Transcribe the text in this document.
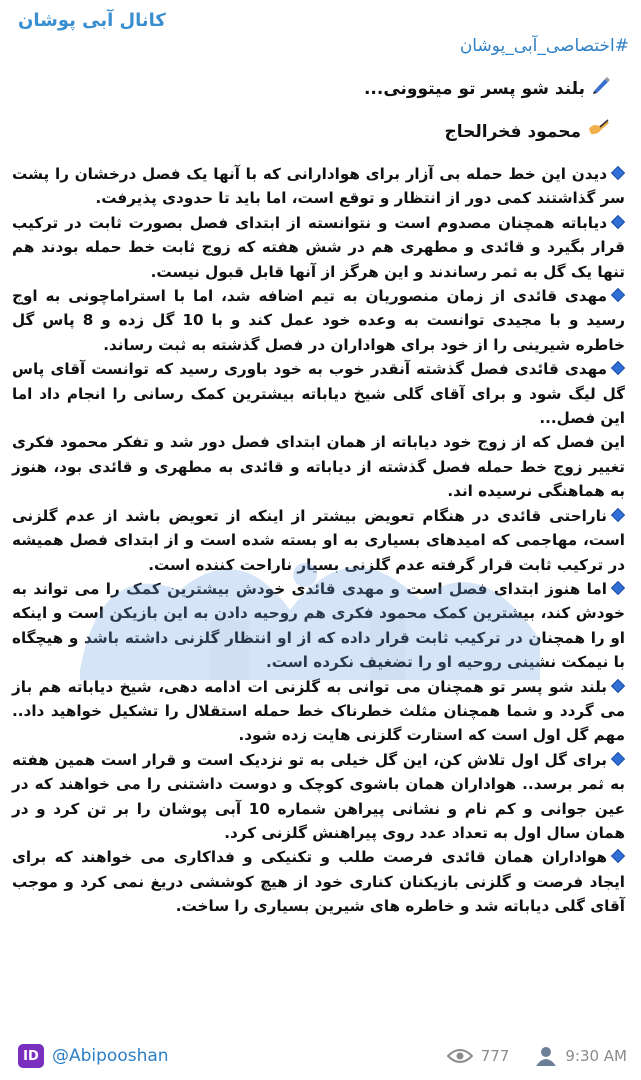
کانال آبی پوشان
#اختصاصی_آبی_پوشان
بلند شو پسر تو میتوونی...
محمود فخرالحاج
دیدن این خط حمله بی آزار برای هوادارانی که با آنها یک فصل درخشان را پشت سر گذاشتند کمی دور از انتظار و توقع است، اما باید تا حدودی پذیرفت.
دیاباته همچنان مصدوم است و نتوانسته از ابتدای فصل بصورت ثابت در ترکیب قرار بگیرد و قائدی و مطهری هم در شش هفته که زوج ثابت خط حمله بودند هم تنها یک گل به ثمر رساندند و این هرگز از آنها قابل قبول نیست.
مهدی قائدی از زمان منصوریان به تیم اضافه شد، اما با استراماچونی به اوج رسید و با مجیدی توانست به وعده خود عمل کند و با 10 گل زده و 8 پاس گل خاطره شیرینی را از خود برای هواداران در فصل گذشته به ثبت رساند.
مهدی قائدی فصل گذشته آنقدر خوب به خود باوری رسید که توانست آقای پاس گل لیگ شود و برای آقای گلی شیخ دیاباته بیشترین کمک رسانی را انجام داد اما این فصل...
این فصل که از زوج خود دیاباته از همان ابتدای فصل دور شد و تفکر محمود فکری تغییر زوج خط حمله فصل گذشته از دیاباته و قائدی به مطهری و قائدی بود، هنوز به هماهنگی نرسیده اند.
ناراحتی قائدی در هنگام تعویض بیشتر از اینکه از تعویض باشد از عدم گلزنی است، مهاجمی که امیدهای بسیاری به او بسته شده است و از ابتدای فصل همیشه در ترکیب ثابت قرار گرفته عدم گلزنی بسیار ناراحت کننده است.
اما هنوز ابتدای فصل است و مهدی قائدی خودش بیشترین کمک را می تواند به خودش کند، بیشترین کمک محمود فکری هم روحیه دادن به این بازیکن است و اینکه او را همچنان در ترکیب ثابت قرار داده که از او انتظار گلزنی داشته باشد و هیچگاه با نیمکت نشینی روحیه او را تضغیف نکرده است.
بلند شو پسر تو همچنان می توانی به گلزنی ات ادامه دهی، شیخ دیاباته هم باز می گردد و شما همچنان مثلث خطرناک خط حمله استقلال را تشکیل خواهید داد.. مهم گل اول است که استارت گلزنی هایت زده شود.
برای گل اول تلاش کن، این گل خیلی به تو نزدیک است و قرار است همین هفته به ثمر برسد.. هواداران همان باشوی کوچک و دوست داشتنی را می خواهند که در عین جوانی و کم نام و نشانی پیراهن شماره 10 آبی پوشان را بر تن کرد و در همان سال اول به تعداد عدد روی پیراهنش گلزنی کرد.
هواداران همان قائدی فرصت طلب و تکنیکی و فداکاری می خواهند که برای ایجاد فرصت و گلزنی بازیکنان کناری خود از هیچ کوششی دریغ نمی کرد و موجب آقای گلی دیاباته شد و خاطره های شیرین بسیاری را ساخت.
ID @Abipooshan	777	9:30 AM
